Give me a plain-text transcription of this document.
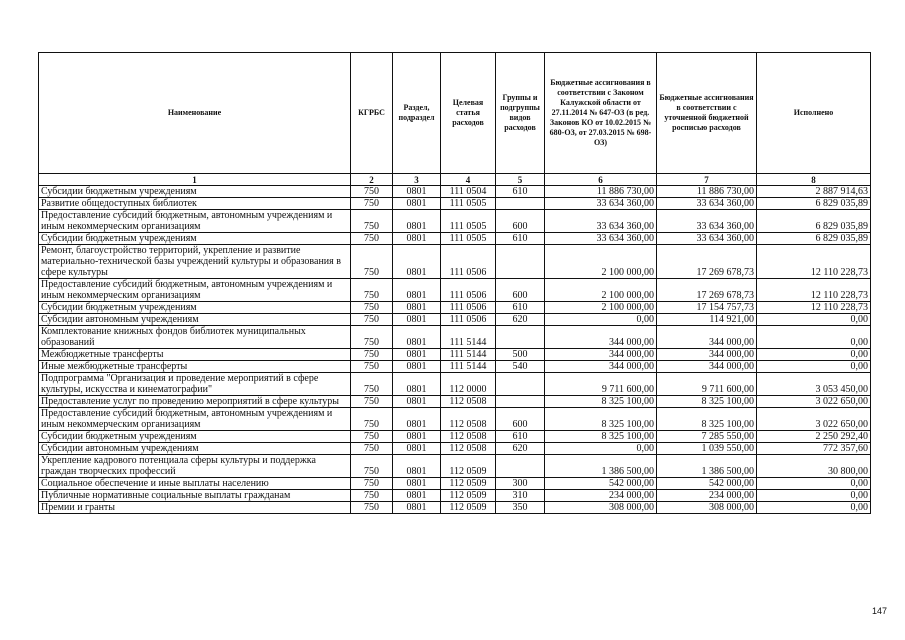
Наименование	КГРБС	Раздел, подраздел	Целевая статья расходов	Группы и подгруппы видов расходов	Бюджетные ассигнования в соответствии с Законом Калужской области от 27.11.2014 № 647-ОЗ (в ред. Законов КО от 10.02.2015 № 680-ОЗ, от 27.03.2015 № 698-ОЗ)	Бюджетные ассигнования в соответствии с уточненной бюджетной росписью расходов	Исполнено
1	2	3	4	5	6	7	8
Субсидии бюджетным учреждениям	750	0801	111 0504	610	11 886 730,00	11 886 730,00	2 887 914,63
Развитие общедоступных библиотек	750	0801	111 0505		33 634 360,00	33 634 360,00	6 829 035,89
Предоставление субсидий бюджетным, автономным учреждениям и иным некоммерческим организациям	750	0801	111 0505	600	33 634 360,00	33 634 360,00	6 829 035,89
Субсидии бюджетным учреждениям	750	0801	111 0505	610	33 634 360,00	33 634 360,00	6 829 035,89
Ремонт, благоустройство территорий, укрепление и развитие материально-технической базы учреждений культуры и образования в сфере культуры	750	0801	111 0506		2 100 000,00	17 269 678,73	12 110 228,73
Предоставление субсидий бюджетным, автономным учреждениям и иным некоммерческим организациям	750	0801	111 0506	600	2 100 000,00	17 269 678,73	12 110 228,73
Субсидии бюджетным учреждениям	750	0801	111 0506	610	2 100 000,00	17 154 757,73	12 110 228,73
Субсидии автономным учреждениям	750	0801	111 0506	620	0,00	114 921,00	0,00
Комплектование книжных фондов библиотек муниципальных образований	750	0801	111 5144		344 000,00	344 000,00	0,00
Межбюджетные трансферты	750	0801	111 5144	500	344 000,00	344 000,00	0,00
Иные межбюджетные трансферты	750	0801	111 5144	540	344 000,00	344 000,00	0,00
Подпрограмма "Организация и проведение мероприятий в сфере культуры, искусства и кинематографии"	750	0801	112 0000		9 711 600,00	9 711 600,00	3 053 450,00
Предоставление услуг по проведению мероприятий в сфере культуры	750	0801	112 0508		8 325 100,00	8 325 100,00	3 022 650,00
Предоставление субсидий бюджетным, автономным учреждениям и иным некоммерческим организациям	750	0801	112 0508	600	8 325 100,00	8 325 100,00	3 022 650,00
Субсидии бюджетным учреждениям	750	0801	112 0508	610	8 325 100,00	7 285 550,00	2 250 292,40
Субсидии автономным учреждениям	750	0801	112 0508	620	0,00	1 039 550,00	772 357,60
Укрепление кадрового потенциала сферы культуры и поддержка граждан творческих профессий	750	0801	112 0509		1 386 500,00	1 386 500,00	30 800,00
Социальное обеспечение и иные выплаты населению	750	0801	112 0509	300	542 000,00	542 000,00	0,00
Публичные нормативные социальные выплаты гражданам	750	0801	112 0509	310	234 000,00	234 000,00	0,00
Премии и гранты	750	0801	112 0509	350	308 000,00	308 000,00	0,00
147
